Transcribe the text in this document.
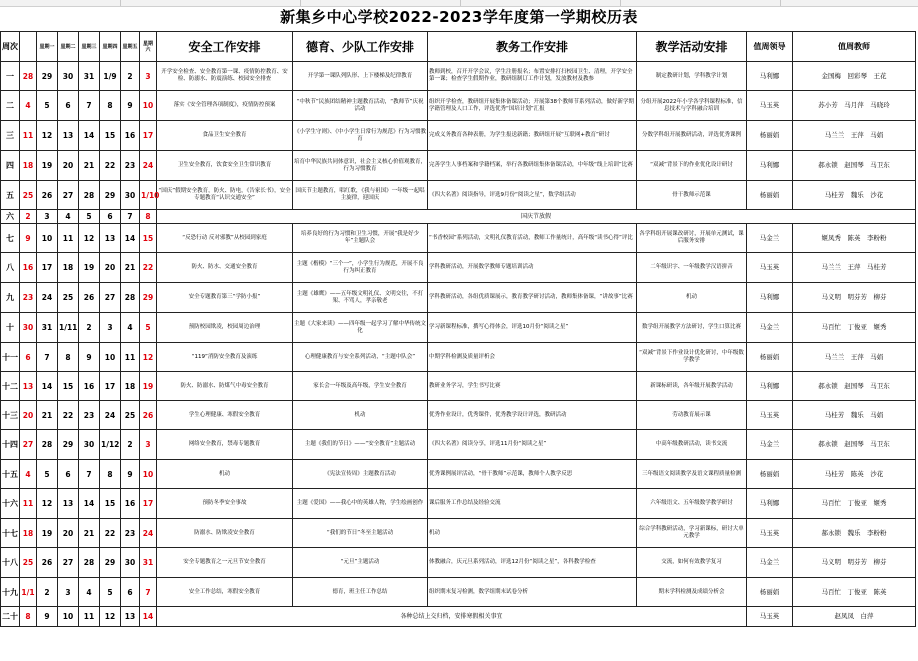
新集乡中心学校2022-2023学年度第一学期校历表
周次		星期一	星期二	星期三	星期四	星期五	星期六	安全工作安排	德育、少队工作安排	教务工作安排	教学活动安排	值周领导	值周教师
一	28	29	30	31	1/9	2	3	开学安全检查、安全教育第一课、疫情防控教育、安检、防溺水、防震演练、校园安全排查	开学第一课队列队形、上下楼梯及纪律教育	教师到校，召开开学会议，学生注册报名；布置安排打扫校园卫生、清理，开学安全第一课；检查学生假期作业，教研组制订工作计划，发放教材及教参	制定教研计划，学科教学计划	马利娜	金国梅　回彩琴　王花
二	4	5	6	7	8	9	10	落实《安全管理各项制度》，疫情防控预案	“中秋节”民族团结精神主题教育活动，“教师节”庆祝活动	组织开学检查，教研组开展集体备课活动；开展第38个教师节系列活动，做好新学期学籍管理及人口工作，评选优秀“国培计划”汇报	分组开展2022年小学各学科课程标准，信息技术与学科融合培训	马玉英	苏小芳　马月萍　马晓玲
三	11	12	13	14	15	16	17	食品卫生安全教育	《小学生守则》、《中小学生日常行为规范》行为习惯教育	完成义务教育各种表册，为学生报送新籍；教研组开展“互联网+教育”研讨	分数学科组开展教研活动，评选优秀课例	杨丽娟	马兰兰　王萍　马娟
四	18	19	20	21	22	23	24	卫生安全教育，饮食安全卫生常识教育	培育中华民族共同体意识，社会主义核心价值观教育，行为习惯教育	完善学生人事档案和学籍档案，举行各教研组集体备课活动，中年级“线上培训”比赛	“双减”背景下的作业优化设计研讨	马利娜	郝永锁　赵国琴　马卫东
五	25	26	27	28	29	30	1/10	“国庆”假期安全教育，防火、防电，《告家长书》，安全专题教育“认识交通安全”	国庆节主题教育，唱红歌，《我与祖国》一年级一起唱主旋律，迎国庆	《四大名著》阅读指导，评选9月份“阅读之星”，数学组活动	骨干教师示范课	杨丽娟	马桂芳　魏乐　沙花
六	2	3	4	5	6	7	8	国庆节放假					
七	9	10	11	12	13	14	15	“反恐行动 反对邪教”从校园到家庭	培养良好的行为习惯和卫生习惯，开展“我是好少年”主题队会	“书香校园”系列活动，文明礼仪教育活动，教师工作量统计，高年级“读书心得”评比	各学科组开展课改研讨，开展单元测试，课后服务安排	马金兰	姬凤秀　陈英　李粉粉
八	16	17	18	19	20	21	22	防火、防水、交通安全教育	主题《楷模》“三个一”，小学生行为规范，开展不良行为纠正教育	学科教研活动，开展数学教师专题培训活动	二年级识字、一年级教学汉语拼音	马玉英	马兰兰　王萍　马桂芳
九	23	24	25	26	27	28	29	安全专题教育第三“学防小报”	主题《雄鹰》——五年级文明礼仪、文明交往，不打架、不骂人，孝亲敬老	学科教研活动，各组优质课展示，教育教学研讨活动，教师集体备课，“讲故事”比赛	机动	马利娜	马义明　明芬芳　柳芬
十	30	31	1/11	2	3	4	5	预防校园欺凌，校园周边治理	主题《大家来读》——四年级一起学习了解中华传统文化	学习新课程标准，撰写心得体会，评选10月份“阅读之星”	数学组开展教学方法研讨，学生口算比赛	马金兰	马百忙　丁俊亚　姬秀
十一	6	7	8	9	10	11	12	“119”消防安全教育及演练	心理健康教育与安全系列活动，“主题中队会”	中期学科检测及质量评析会	“双减”背景下作业设计优化研讨，中年级数学教学	杨丽娟	马兰兰　王萍　马娟
十二	13	14	15	16	17	18	19	防火、防溺水、防煤气中毒安全教育	家长会一年级及高年级，学生安全教育	教研业务学习，学生书写比赛	新课标研读，各年级开展教学活动	马利娜	郝永锁　赵国琴　马卫东
十三	20	21	22	23	24	25	26	学生心理健康、寒假安全教育	机动	优秀作业设计，优秀课件，优秀教学设计评选，教研活动	劳动教育展示课	马玉英	马桂芳　魏乐　马娟
十四	27	28	29	30	1/12	2	3	网络安全教育，禁毒专题教育	主题《我们的节日》——“安全教育”主题活动	《四大名著》阅读分享，评选11月份“阅读之星”	中高年级教研活动，读书交流	马金兰	郝永锁　赵国琴　马卫东
十五	4	5	6	7	8	9	10	机动	《宪法宣传周》主题教育活动	优秀课例展评活动，“骨干教师”示范课，教师个人教学反思	三年级语文阅读教学及语文课程质量检测	杨丽娟	马桂芳　陈英　沙花
十六	11	12	13	14	15	16	17	预防冬季安全事故	主题《爱国》——我心中的英雄人物，学生绘画创作	课后服务工作总结及经验交流	六年级语文、五年级数学教学研讨	马利娜	马百忙　丁俊亚　姬秀
十七	18	19	20	21	22	23	24	防溺水、防欺凌安全教育	“我们的节日”冬至主题活动	机动	综合学科教研活动，学习新课标，研讨大单元教学	马玉英	郝永锁　魏乐　李粉粉
十八	25	26	27	28	29	30	31	安全专题教育之一元旦节安全教育	“元旦”主题活动	体教融合，庆元旦系列活动，评选12月份“阅读之星”，各科教学检查	交流，如何有效教学复习	马金兰	马义明　明芬芳　柳芬
十九	1/1	2	3	4	5	6	7	安全工作总结，寒假安全教育	德育，班主任工作总结	组织期末复习检测，数学组期末试卷分析	期末学科检测及成绩分析会	杨丽娟	马百忙　丁俊亚　陈英
二十	8	9	10	11	12	13	14	各种总结上交归档，安排寒假相关事宜				马玉英	赵凤凤　白萍
